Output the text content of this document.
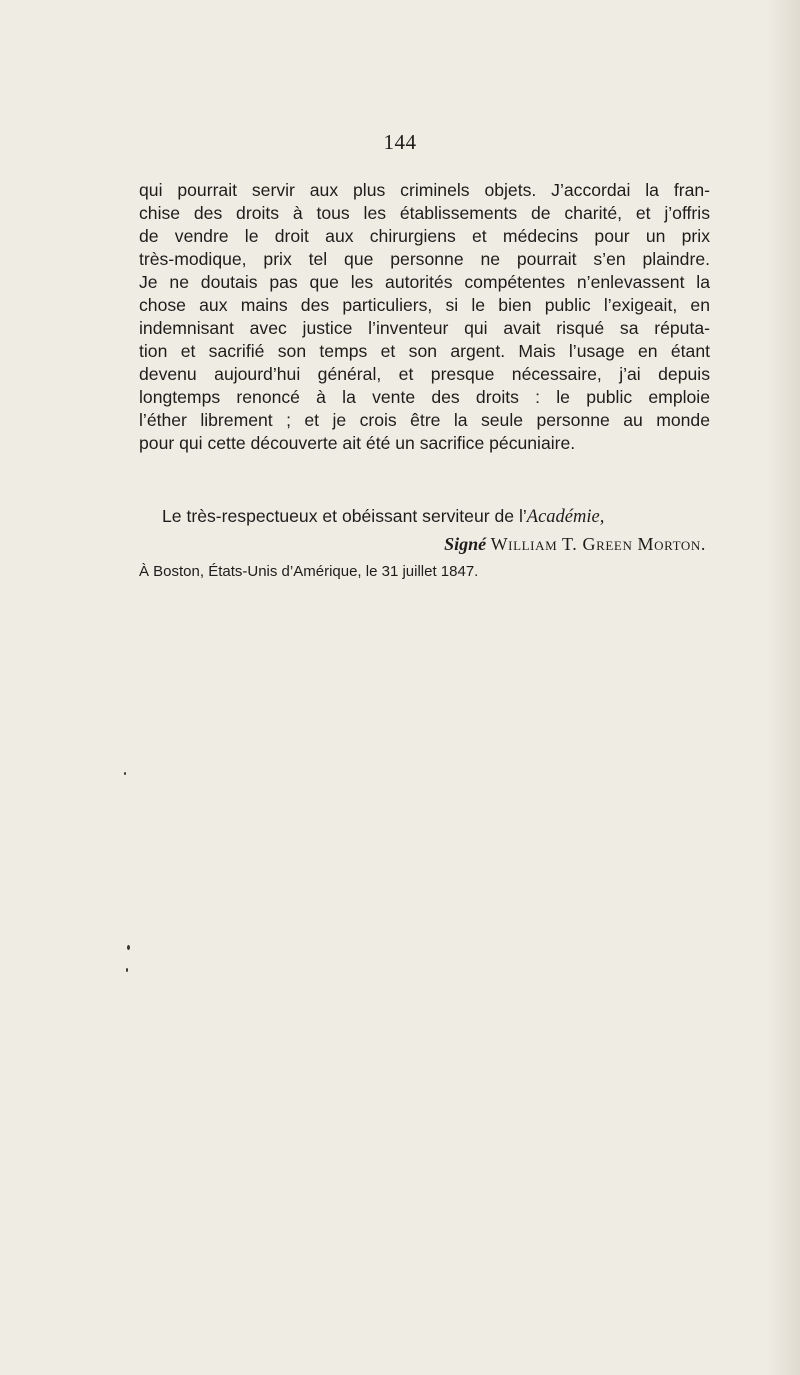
144
qui pourrait servir aux plus criminels objets. J’accordai la fran-
chise des droits à tous les établissements de charité, et j’offris
de vendre le droit aux chirurgiens et médecins pour un prix
très-modique, prix tel que personne ne pourrait s’en plaindre.
Je ne doutais pas que les autorités compétentes n’enlevassent la
chose aux mains des particuliers, si le bien public l’exigeait, en
indemnisant avec justice l’inventeur qui avait risqué sa réputa-
tion et sacrifié son temps et son argent. Mais l’usage en étant
devenu aujourd’hui général, et presque nécessaire, j’ai depuis
longtemps renoncé à la vente des droits : le public emploie
l’éther librement ; et je crois être la seule personne au monde
pour qui cette découverte ait été un sacrifice pécuniaire.
Le très-respectueux et obéissant serviteur de l’Académie,
Signé William T. Green Morton.
À Boston, États-Unis d’Amérique, le 31 juillet 1847.
